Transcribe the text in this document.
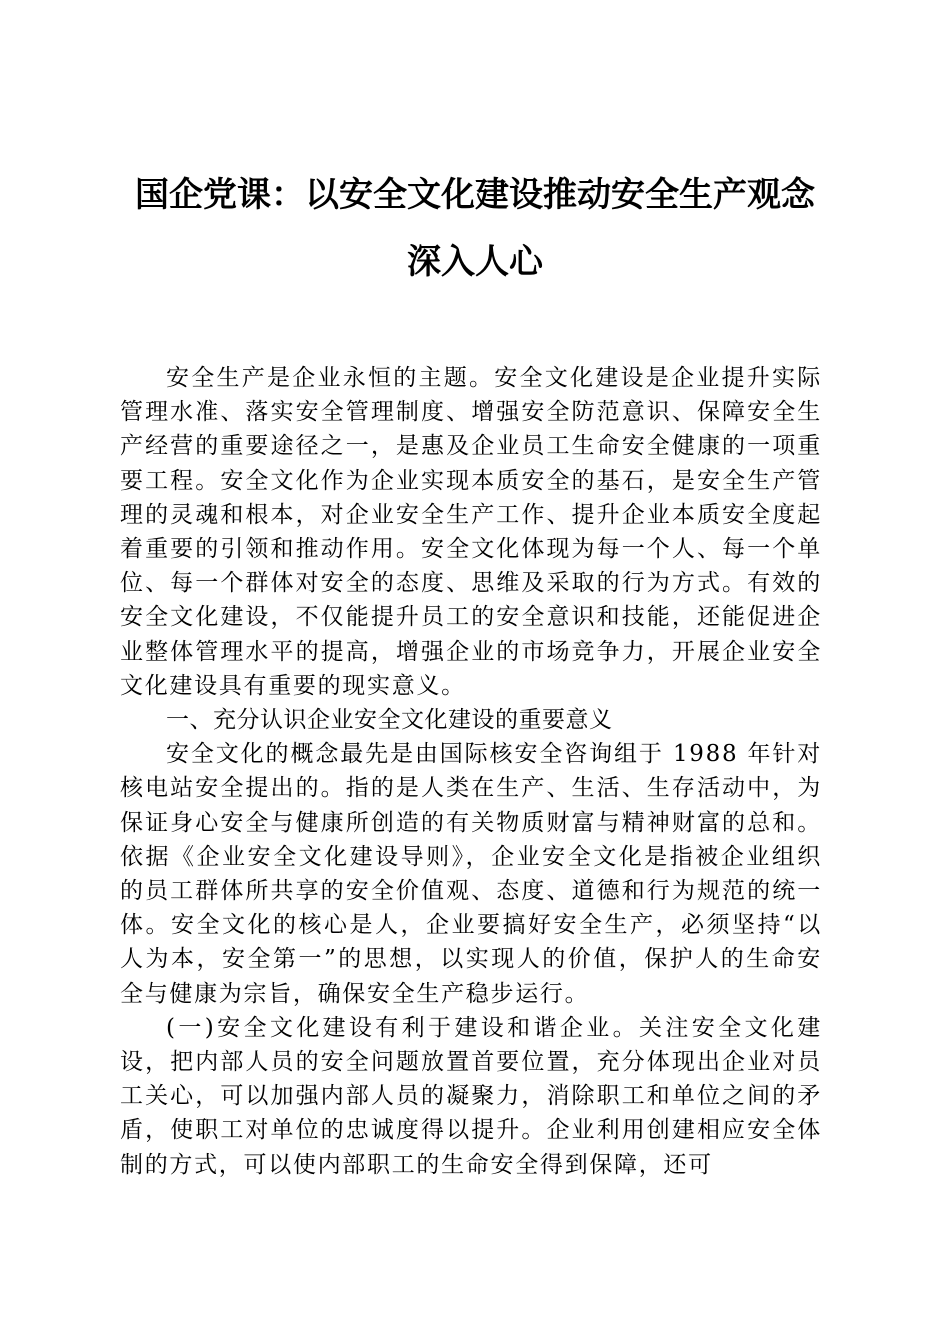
国企党课：以安全文化建设推动安全生产观念
深入人心

安全生产是企业永恒的主题。安全文化建设是企业提升实际管理水准、落实安全管理制度、增强安全防范意识、保障安全生产经营的重要途径之一，是惠及企业员工生命安全健康的一项重要工程。安全文化作为企业实现本质安全的基石，是安全生产管理的灵魂和根本，对企业安全生产工作、提升企业本质安全度起着重要的引领和推动作用。安全文化体现为每一个人、每一个单位、每一个群体对安全的态度、思维及采取的行为方式。有效的安全文化建设，不仅能提升员工的安全意识和技能，还能促进企业整体管理水平的提高，增强企业的市场竞争力，开展企业安全文化建设具有重要的现实意义。

一、充分认识企业安全文化建设的重要意义

安全文化的概念最先是由国际核安全咨询组于 1988 年针对核电站安全提出的。指的是人类在生产、生活、生存活动中，为保证身心安全与健康所创造的有关物质财富与精神财富的总和。依据《企业安全文化建设导则》，企业安全文化是指被企业组织的员工群体所共享的安全价值观、态度、道德和行为规范的统一体。安全文化的核心是人，企业要搞好安全生产，必须坚持“以人为本，安全第一”的思想，以实现人的价值，保护人的生命安全与健康为宗旨，确保安全生产稳步运行。

(一)安全文化建设有利于建设和谐企业。关注安全文化建设，把内部人员的安全问题放置首要位置，充分体现出企业对员工关心，可以加强内部人员的凝聚力，消除职工和单位之间的矛盾，使职工对单位的忠诚度得以提升。企业利用创建相应安全体制的方式，可以使内部职工的生命安全得到保障，还可
